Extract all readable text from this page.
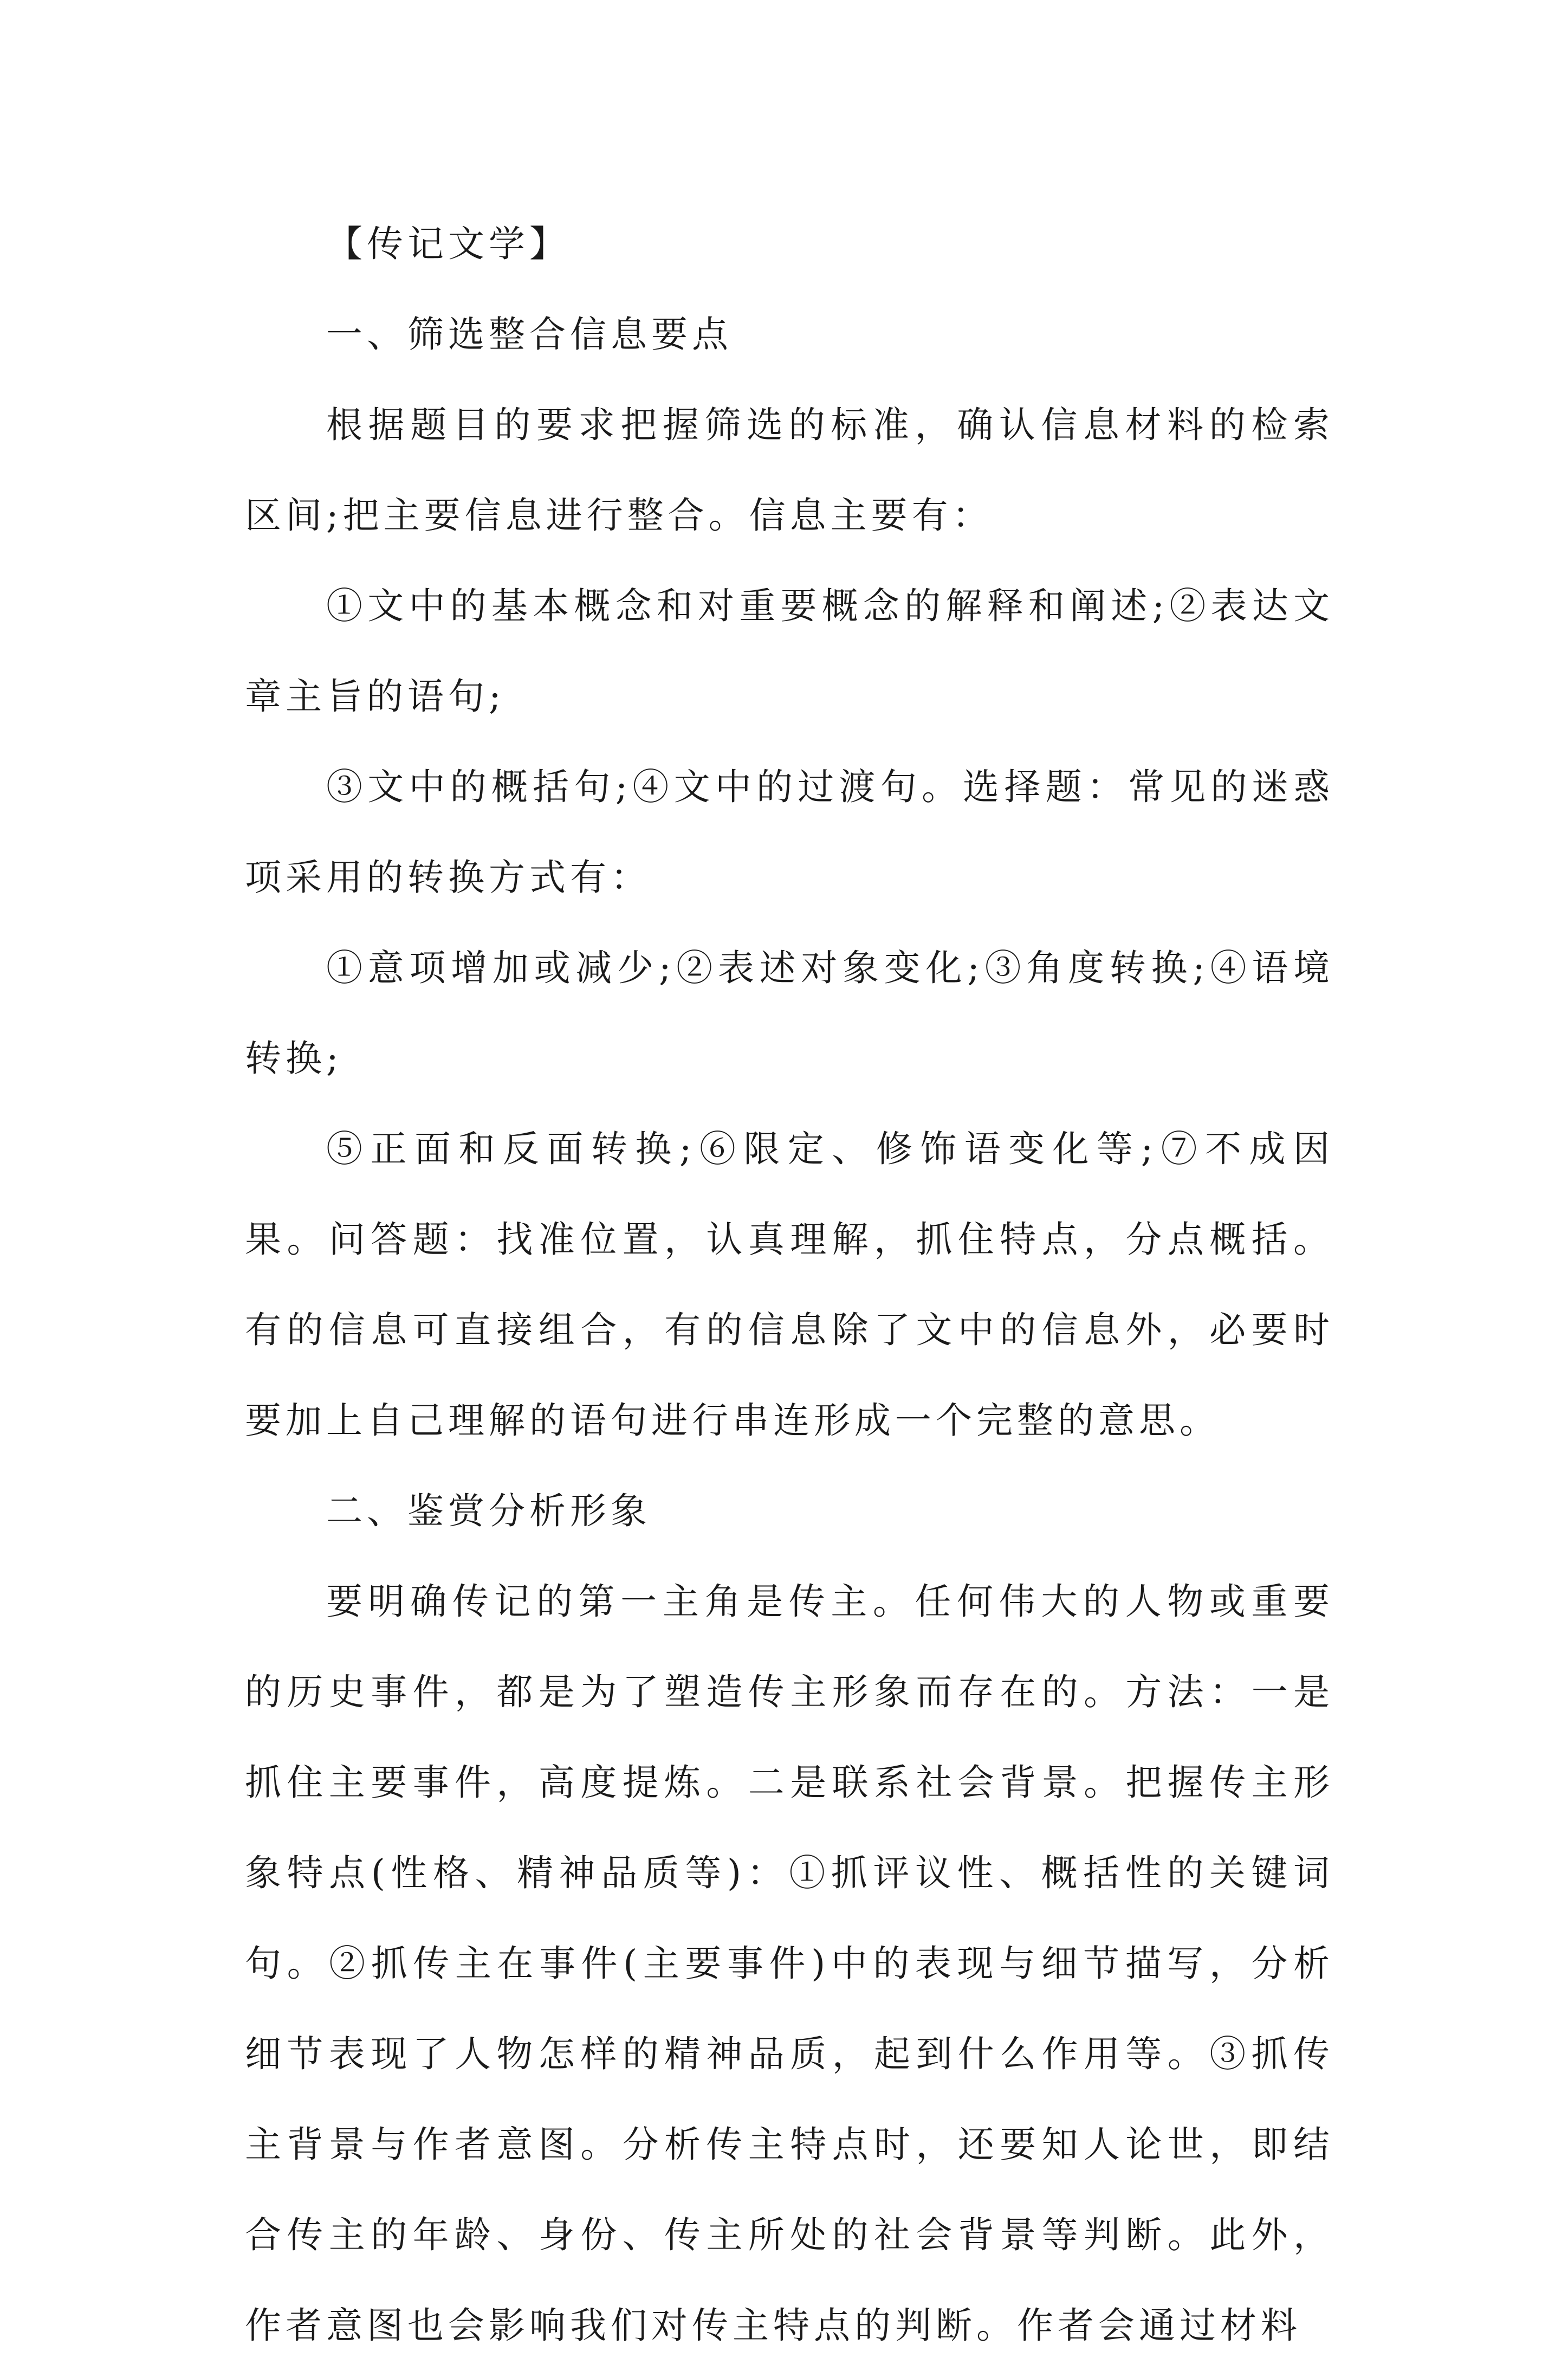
【传记文学】

一、筛选整合信息要点

根据题目的要求把握筛选的标准，确认信息材料的检索区间;把主要信息进行整合。信息主要有：

①文中的基本概念和对重要概念的解释和阐述;②表达文章主旨的语句;

③文中的概括句;④文中的过渡句。选择题：常见的迷惑项采用的转换方式有：

①意项增加或减少;②表述对象变化;③角度转换;④语境转换;

⑤正面和反面转换;⑥限定、修饰语变化等;⑦不成因果。问答题：找准位置，认真理解，抓住特点，分点概括。有的信息可直接组合，有的信息除了文中的信息外，必要时要加上自己理解的语句进行串连形成一个完整的意思。

二、鉴赏分析形象

要明确传记的第一主角是传主。任何伟大的人物或重要的历史事件，都是为了塑造传主形象而存在的。方法：一是抓住主要事件，高度提炼。二是联系社会背景。把握传主形象特点(性格、精神品质等)：①抓评议性、概括性的关键词句。②抓传主在事件(主要事件)中的表现与细节描写，分析细节表现了人物怎样的精神品质，起到什么作用等。③抓传主背景与作者意图。分析传主特点时，还要知人论世，即结合传主的年龄、身份、传主所处的社会背景等判断。此外，作者意图也会影响我们对传主特点的判断。作者会通过材料
